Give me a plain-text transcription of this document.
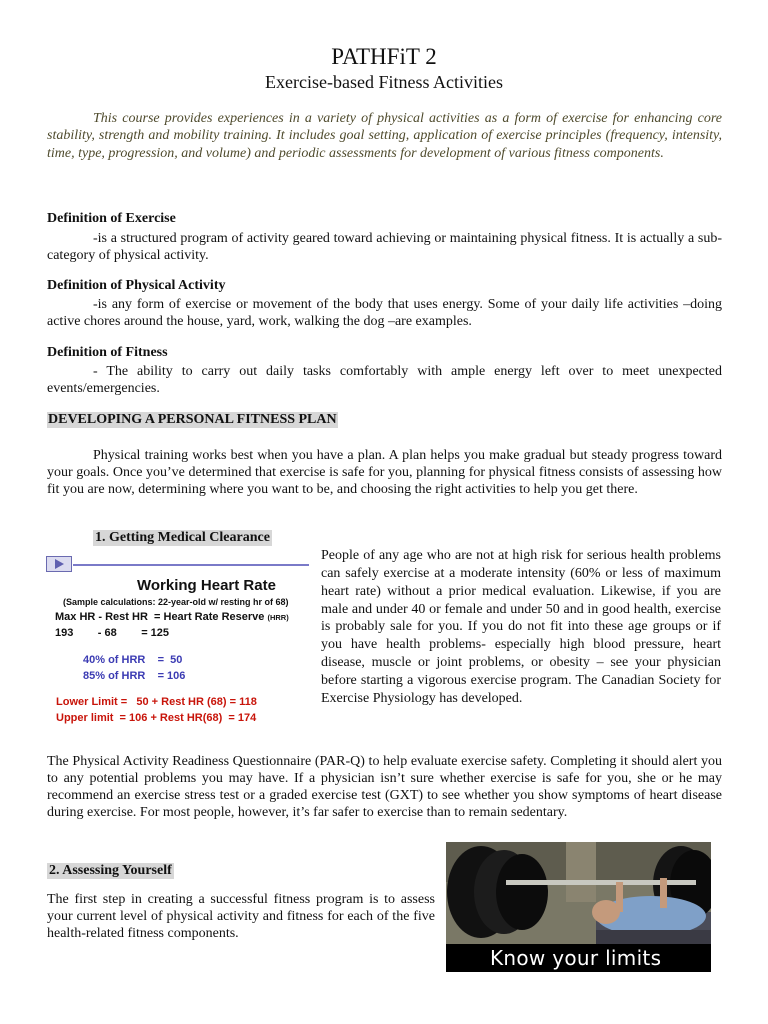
PATHFiT 2
Exercise-based Fitness Activities
This course provides experiences in a variety of physical activities as a form of exercise for enhancing core stability, strength and mobility training. It includes goal setting, application of exercise principles (frequency, intensity, time, type, progression, and volume) and periodic assessments for development of various fitness components.
Definition of Exercise
-is a structured program of activity geared toward achieving or maintaining physical fitness. It is actually a sub-category of physical activity.
Definition of Physical Activity
-is any form of exercise or movement of the body that uses energy. Some of your daily life activities –doing active chores around the house, yard, work, walking the dog –are examples.
Definition of Fitness
- The ability to carry out daily tasks comfortably with ample energy left over to meet unexpected events/emergencies.
DEVELOPING A PERSONAL FITNESS PLAN
Physical training works best when you have a plan. A plan helps you make gradual but steady progress toward your goals. Once you’ve determined that exercise is safe for you, planning for physical fitness consists of assessing how fit you are now, determining where you want to be, and choosing the right activities to help you get there.
1. Getting Medical Clearance
Working Heart Rate
(Sample calculations: 22-year-old w/ resting hr of 68)
Max HR - Rest HR  = Heart Rate Reserve (HRR)
193        - 68        = 125
40% of HRR    =  50
85% of HRR    = 106
Lower Limit =   50 + Rest HR (68) = 118
Upper limit  = 106 + Rest HR(68)  = 174
People of any age who are not at high risk for serious health problems can safely exercise at a moderate intensity (60% or less of maximum heart rate) without a prior medical evaluation. Likewise, if you are male and under 40 or female and under 50 and in good health, exercise is probably sale for you. If you do not fit into these age groups or if you have health problems- especially high blood pressure, heart disease, muscle or joint problems, or obesity – see your physician before starting a vigorous exercise program. The Canadian Society for Exercise Physiology has developed.
The Physical Activity Readiness Questionnaire (PAR-Q) to help evaluate exercise safety. Completing it should alert you to any potential problems you may have. If a physician isn’t sure whether exercise is safe for you, she or he may recommend an exercise stress test or a graded exercise test (GXT) to see whether you show symptoms of heart disease during exercise. For most people, however, it’s far safer to exercise than to remain sedentary.
2. Assessing Yourself
The first step in creating a successful fitness program is to assess your current level of physical activity and fitness for each of the five health-related fitness components.
Know your limits
